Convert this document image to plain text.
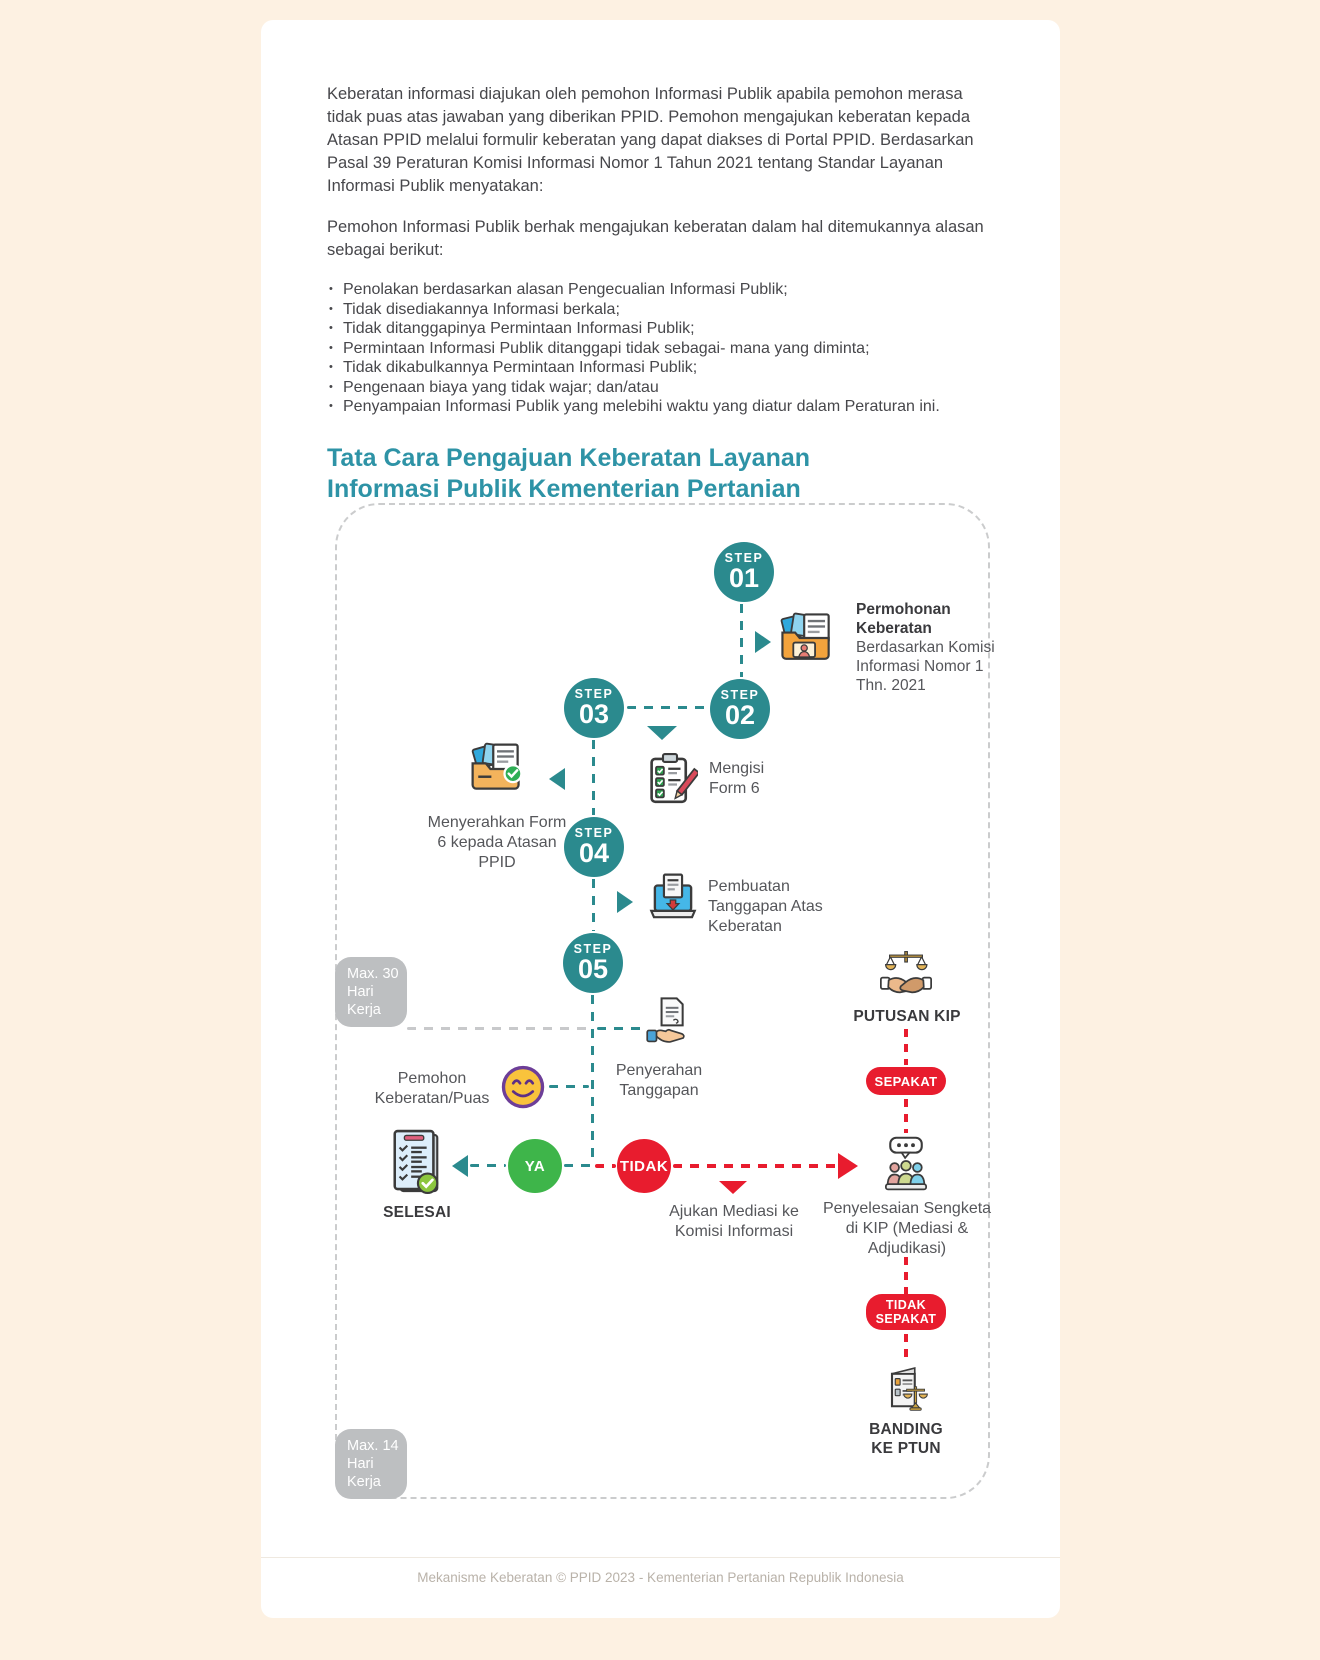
Keberatan informasi diajukan oleh pemohon Informasi Publik apabila pemohon merasa tidak puas atas jawaban yang diberikan PPID. Pemohon mengajukan keberatan kepada Atasan PPID melalui formulir keberatan yang dapat diakses di Portal PPID. Berdasarkan Pasal 39 Peraturan Komisi Informasi Nomor 1 Tahun 2021 tentang Standar Layanan Informasi Publik menyatakan:

Pemohon Informasi Publik berhak mengajukan keberatan dalam hal ditemukannya alasan sebagai berikut:

• Penolakan berdasarkan alasan Pengecualian Informasi Publik;
• Tidak disediakannya Informasi berkala;
• Tidak ditanggapinya Permintaan Informasi Publik;
• Permintaan Informasi Publik ditanggapi tidak sebagai- mana yang diminta;
• Tidak dikabulkannya Permintaan Informasi Publik;
• Pengenaan biaya yang tidak wajar; dan/atau
• Penyampaian Informasi Publik yang melebihi waktu yang diatur dalam Peraturan ini.
Tata Cara Pengajuan Keberatan Layanan
Informasi Publik Kementerian Pertanian
STEP
01
Permohonan Keberatan
Berdasarkan Komisi Informasi Nomor 1 Thn. 2021
STEP
02
STEP
03
Mengisi Form 6
Menyerahkan Form 6 kepada Atasan PPID
STEP
04
Pembuatan Tanggapan Atas Keberatan
STEP
05
Max. 30 Hari Kerja
Penyerahan Tanggapan
Pemohon Keberatan/Puas
SELESAI
YA	TIDAK
Ajukan Mediasi ke Komisi Informasi
PUTUSAN KIP
SEPAKAT
Penyelesaian Sengketa di KIP (Mediasi & Adjudikasi)
TIDAK
SEPAKAT
BANDING
KE PTUN
Max. 14 Hari Kerja
Mekanisme Keberatan © PPID 2023 - Kementerian Pertanian Republik Indonesia
